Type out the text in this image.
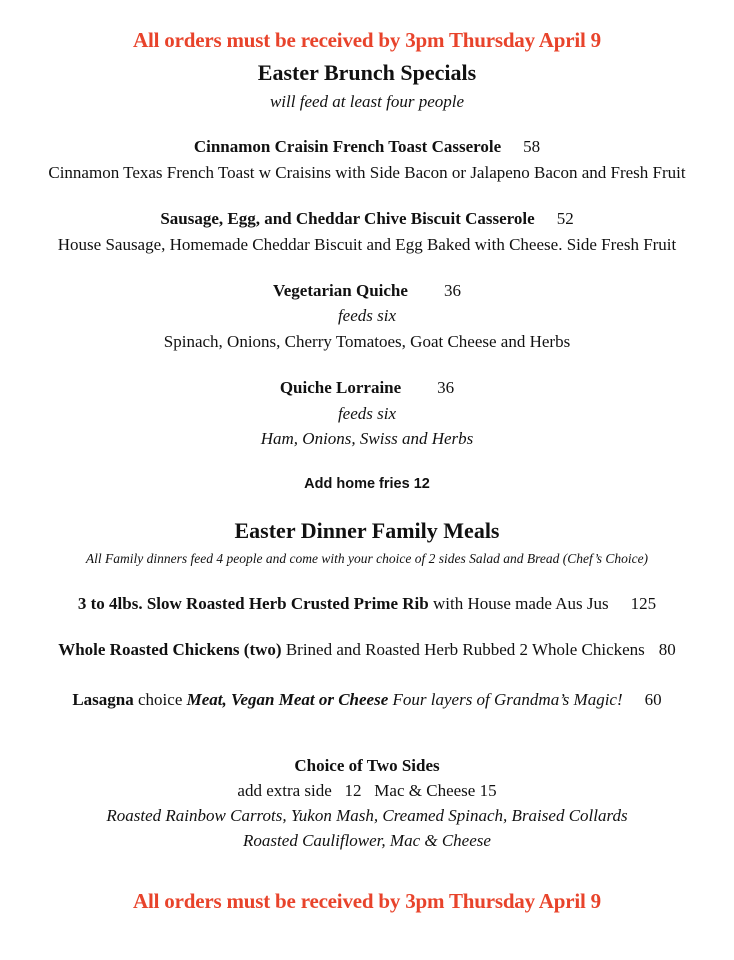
All orders must be received by 3pm Thursday April 9
Easter Brunch Specials
will feed at least four people
Cinnamon Craisin French Toast Casserole 58
Cinnamon Texas French Toast w Craisins with Side Bacon or Jalapeno Bacon and Fresh Fruit
Sausage, Egg, and Cheddar Chive Biscuit Casserole 52
House Sausage, Homemade Cheddar Biscuit and Egg Baked with Cheese. Side Fresh Fruit
Vegetarian Quiche 36
feeds six
Spinach, Onions, Cherry Tomatoes, Goat Cheese and Herbs
Quiche Lorraine 36
feeds six
Ham, Onions, Swiss and Herbs
Add home fries 12
Easter Dinner Family Meals
All Family dinners feed 4 people and come with your choice of 2 sides Salad and Bread (Chef’s Choice)
3 to 4lbs. Slow Roasted Herb Crusted Prime Rib with House made Aus Jus 125
Whole Roasted Chickens (two) Brined and Roasted Herb Rubbed 2 Whole Chickens 80
Lasagna choice Meat, Vegan Meat or Cheese Four layers of Grandma’s Magic! 60
Choice of Two Sides
add extra side   12   Mac & Cheese 15
Roasted Rainbow Carrots, Yukon Mash, Creamed Spinach, Braised Collards
Roasted Cauliflower, Mac & Cheese
All orders must be received by 3pm Thursday April 9
